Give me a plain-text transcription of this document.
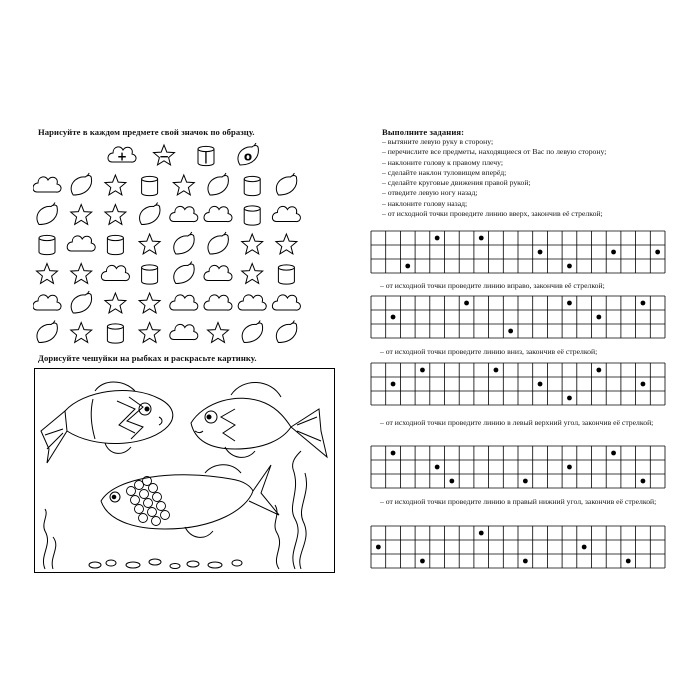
Нарисуйте в каждом предмете свой значок по образцу.
+	−	|	o
Дорисуйте чешуйки на рыбках и раскрасьте картинку.
Выполните задания:
– вытяните левую руку в сторону;
– перечислите все предметы, находящиеся от Вас по левую сторону;
– наклоните голову к правому плечу;
– сделайте наклон туловищем вперёд;
– сделайте круговые движения правой рукой;
– отведите левую ногу назад;
– наклоните голову назад;
– от исходной точки проведите линию вверх, закончив её стрелкой;
– от исходной точки проведите линию вправо, закончив её стрелкой;
– от исходной точки проведите линию вниз, закончив её стрелкой;
– от исходной точки проведите линию в левый верхний угол, закончив её стрелкой;
– от исходной точки проведите линию в правый нижний угол, закончив её стрелкой;
